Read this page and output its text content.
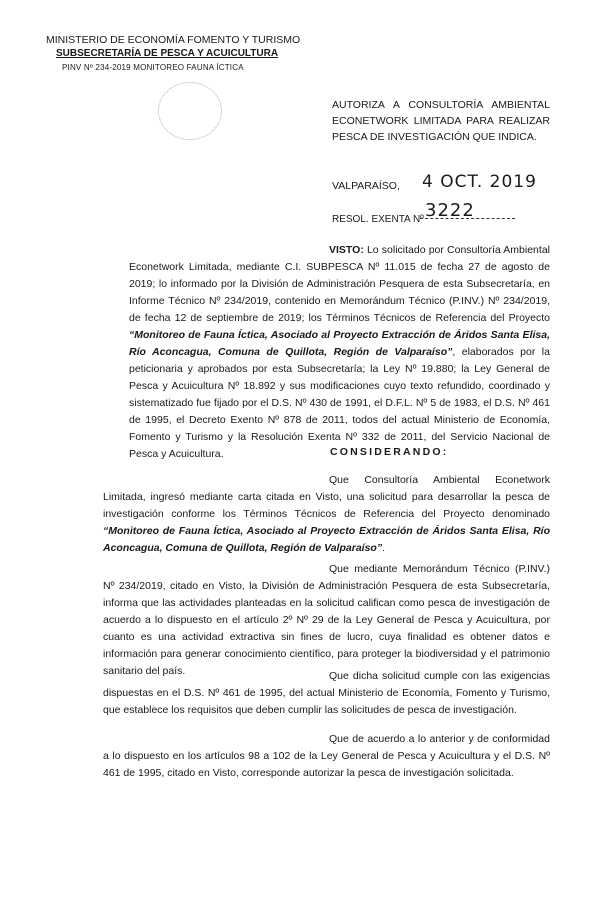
MINISTERIO DE ECONOMÍA FOMENTO Y TURISMO
SUBSECRETARÍA DE PESCA Y ACUICULTURA
PINV Nº 234-2019 MONITOREO FAUNA ÍCTICA
AUTORIZA A CONSULTORÍA AMBIENTAL ECONETWORK LIMITADA PARA REALIZAR PESCA DE INVESTIGACIÓN QUE INDICA.
VALPARAÍSO, 4 OCT. 2019
RESOL. EXENTA Nº 3222
VISTO: Lo solicitado por Consultoría Ambiental Econetwork Limitada, mediante C.I. SUBPESCA Nº 11.015 de fecha 27 de agosto de 2019; lo informado por la División de Administración Pesquera de esta Subsecretaría, en Informe Técnico Nº 234/2019, contenido en Memorándum Técnico (P.INV.) Nº 234/2019, de fecha 12 de septiembre de 2019; los Términos Técnicos de Referencia del Proyecto “Monitoreo de Fauna Íctica, Asociado al Proyecto Extracción de Áridos Santa Elisa, Río Aconcagua, Comuna de Quillota, Región de Valparaíso”, elaborados por la peticionaria y aprobados por esta Subsecretaría; la Ley Nº 19.880; la Ley General de Pesca y Acuicultura Nº 18.892 y sus modificaciones cuyo texto refundido, coordinado y sistematizado fue fijado por el D.S. Nº 430 de 1991, el D.F.L. Nº 5 de 1983, el D.S. Nº 461 de 1995, el Decreto Exento Nº 878 de 2011, todos del actual Ministerio de Economía, Fomento y Turismo y la Resolución Exenta Nº 332 de 2011, del Servicio Nacional de Pesca y Acuicultura.	CONSIDERANDO:
Que Consultoría Ambiental Econetwork Limitada, ingresó mediante carta citada en Visto, una solicitud para desarrollar la pesca de investigación conforme los Términos Técnicos de Referencia del Proyecto denominado “Monitoreo de Fauna Íctica, Asociado al Proyecto Extracción de Áridos Santa Elisa, Río Aconcagua, Comuna de Quillota, Región de Valparaíso”.
Que mediante Memorándum Técnico (P.INV.) Nº 234/2019, citado en Visto, la División de Administración Pesquera de esta Subsecretaría, informa que las actividades planteadas en la solicitud califican como pesca de investigación de acuerdo a lo dispuesto en el artículo 2º Nº 29 de la Ley General de Pesca y Acuicultura, por cuanto es una actividad extractiva sin fines de lucro, cuya finalidad es obtener datos e información para generar conocimiento científico, para proteger la biodiversidad y el patrimonio sanitario del país.	Que dicha solicitud cumple con las exigencias dispuestas en el D.S. Nº 461 de 1995, del actual Ministerio de Economía, Fomento y Turismo, que establece los requisitos que deben cumplir las solicitudes de pesca de investigación.
Que de acuerdo a lo anterior y de conformidad a lo dispuesto en los artículos 98 a 102 de la Ley General de Pesca y Acuicultura y el D.S. Nº 461 de 1995, citado en Visto, corresponde autorizar la pesca de investigación solicitada.
